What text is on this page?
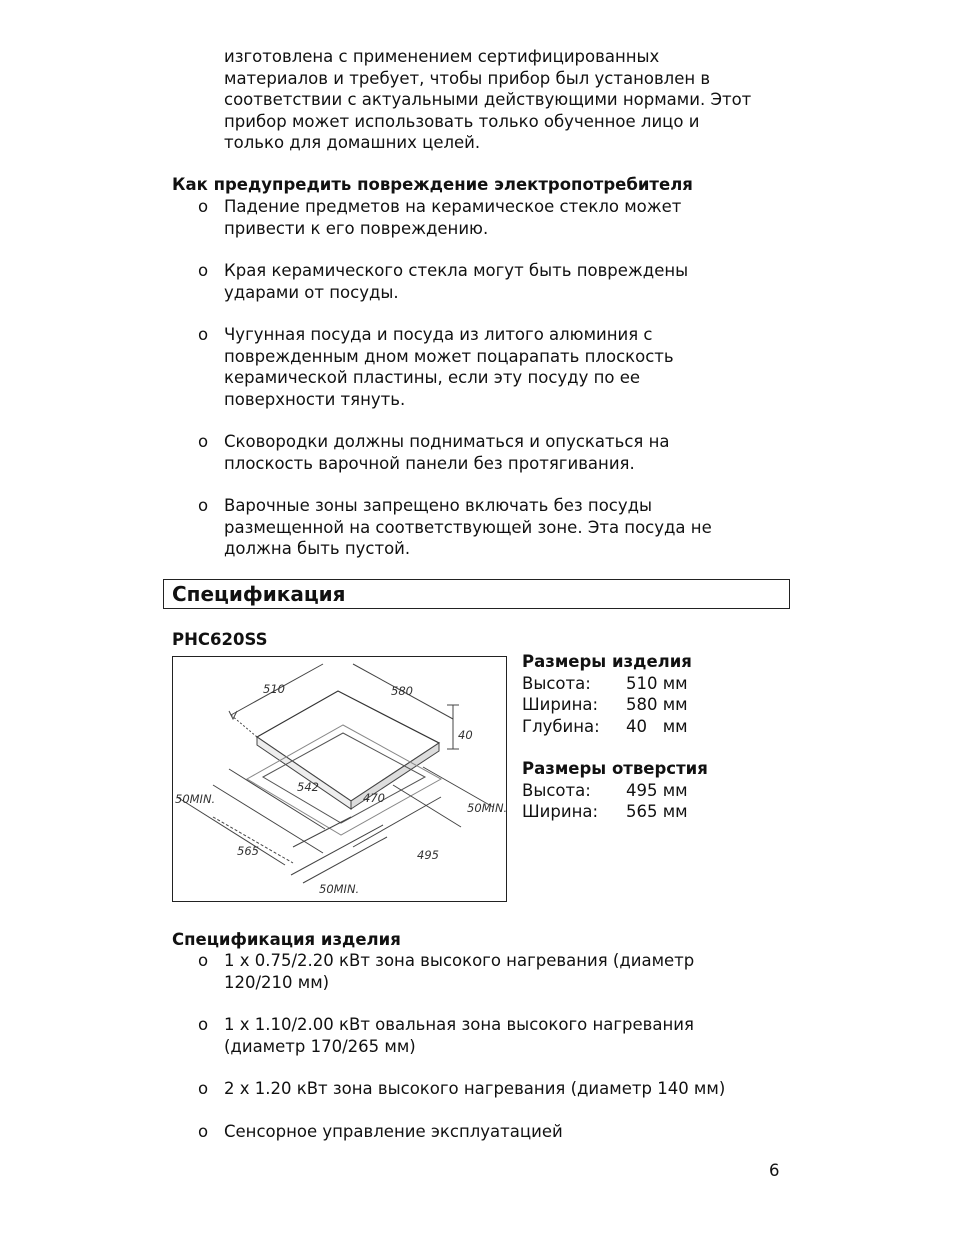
изготовлена с применением сертифицированных
материалов и требует, чтобы прибор был установлен в
соответствии с актуальными действующими нормами. Этот
прибор может использовать только обученное лицо и
только для домашних целей.
Как предупредить повреждение электропотребителя
o Падение предметов на керамическое стекло может
привести к его повреждению.
o Края керамического стекла могут быть повреждены
ударами от посуды.
o Чугунная посуда и посуда из литого алюминия с
поврежденным дном может поцарапать плоскость
керамической пластины, если эту посуду по ее
поверхности тянуть.
o Сковородки должны подниматься и опускаться на
плоскость варочной панели без протягивания.
o Варочные зоны запрещено включать без посуды
размещенной на соответствующей зоне. Эта посуда не
должна быть пустой.
Спецификация
PHC620SS
510	580
40
542
470
50MIN.
50MIN.
565	495
50MIN.
Размеры изделия
Высота: 510 мм
Ширина: 580 мм
Глубина: 40   мм
Размеры отверстия
Высота: 495 мм
Ширина: 565 мм
Спецификация изделия
o 1 x 0.75/2.20 кВт зона высокого нагревания (диаметр
120/210 мм)
o 1 x 1.10/2.00 кВт овальная зона высокого нагревания
(диаметр 170/265 мм)
o 2 x 1.20 кВт зона высокого нагревания (диаметр 140 мм)
o Сенсорное управление эксплуатацией
6
